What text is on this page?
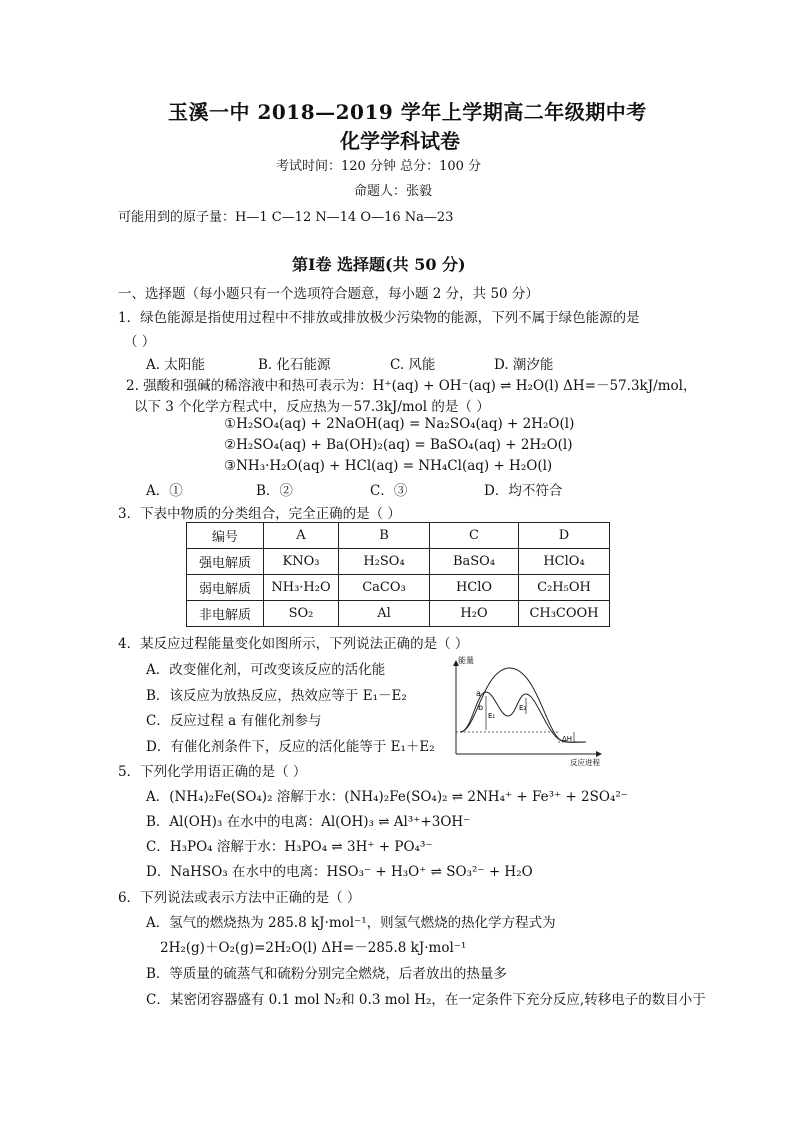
玉溪一中 2018—2019 学年上学期高二年级期中考
化学学科试卷
考试时间：120 分钟 总分：100 分
命题人：张毅
可能用到的原子量：H—1 C—12 N—14 O—16 Na—23
第Ⅰ卷 选择题(共 50 分)
一、选择题（每小题只有一个选项符合题意，每小题 2 分，共 50 分）
1．绿色能源是指使用过程中不排放或排放极少污染物的能源，下列不属于绿色能源的是
（ ）
A. 太阳能	B. 化石能源	C. 风能	D. 潮汐能
2. 强酸和强碱的稀溶液中和热可表示为：H⁺(aq) + OH⁻(aq) ⇌ H₂O(l) ΔH=－57.3kJ/mol，
以下 3 个化学方程式中，反应热为－57.3kJ/mol 的是（ ）
①H₂SO₄(aq) + 2NaOH(aq) = Na₂SO₄(aq) + 2H₂O(l)
②H₂SO₄(aq) + Ba(OH)₂(aq) = BaSO₄(aq) + 2H₂O(l)
③NH₃·H₂O(aq) + HCl(aq) = NH₄Cl(aq) + H₂O(l)
A．①	B．②	C．③	D．均不符合
3．下表中物质的分类组合，完全正确的是（ ）
编号	A	B	C	D
强电解质	KNO₃	H₂SO₄	BaSO₄	HClO₄
弱电解质	NH₃·H₂O	CaCO₃	HClO	C₂H₅OH
非电解质	SO₂	Al	H₂O	CH₃COOH
4．某反应过程能量变化如图所示，下列说法正确的是（ ）
A．改变催化剂，可改变该反应的活化能
B．该反应为放热反应，热效应等于 E₁－E₂
C．反应过程 a 有催化剂参与
D．有催化剂条件下，反应的活化能等于 E₁＋E₂
能量
反应进程
a
b
E₁
E₂
ΔH
5．下列化学用语正确的是（ ）
A．(NH₄)₂Fe(SO₄)₂ 溶解于水：(NH₄)₂Fe(SO₄)₂ ⇌ 2NH₄⁺ + Fe³⁺ + 2SO₄²⁻
B．Al(OH)₃ 在水中的电离：Al(OH)₃ ⇌ Al³⁺+3OH⁻
C．H₃PO₄ 溶解于水：H₃PO₄ ⇌ 3H⁺ + PO₄³⁻
D．NaHSO₃ 在水中的电离：HSO₃⁻ + H₃O⁺ ⇌ SO₃²⁻ + H₂O
6．下列说法或表示方法中正确的是（ ）
A．氢气的燃烧热为 285.8 kJ·mol⁻¹，则氢气燃烧的热化学方程式为
2H₂(g)＋O₂(g)=2H₂O(l) ΔH=－285.8 kJ·mol⁻¹
B．等质量的硫蒸气和硫粉分别完全燃烧，后者放出的热量多
C．某密闭容器盛有 0.1 mol N₂和 0.3 mol H₂，在一定条件下充分反应,转移电子的数目小于
